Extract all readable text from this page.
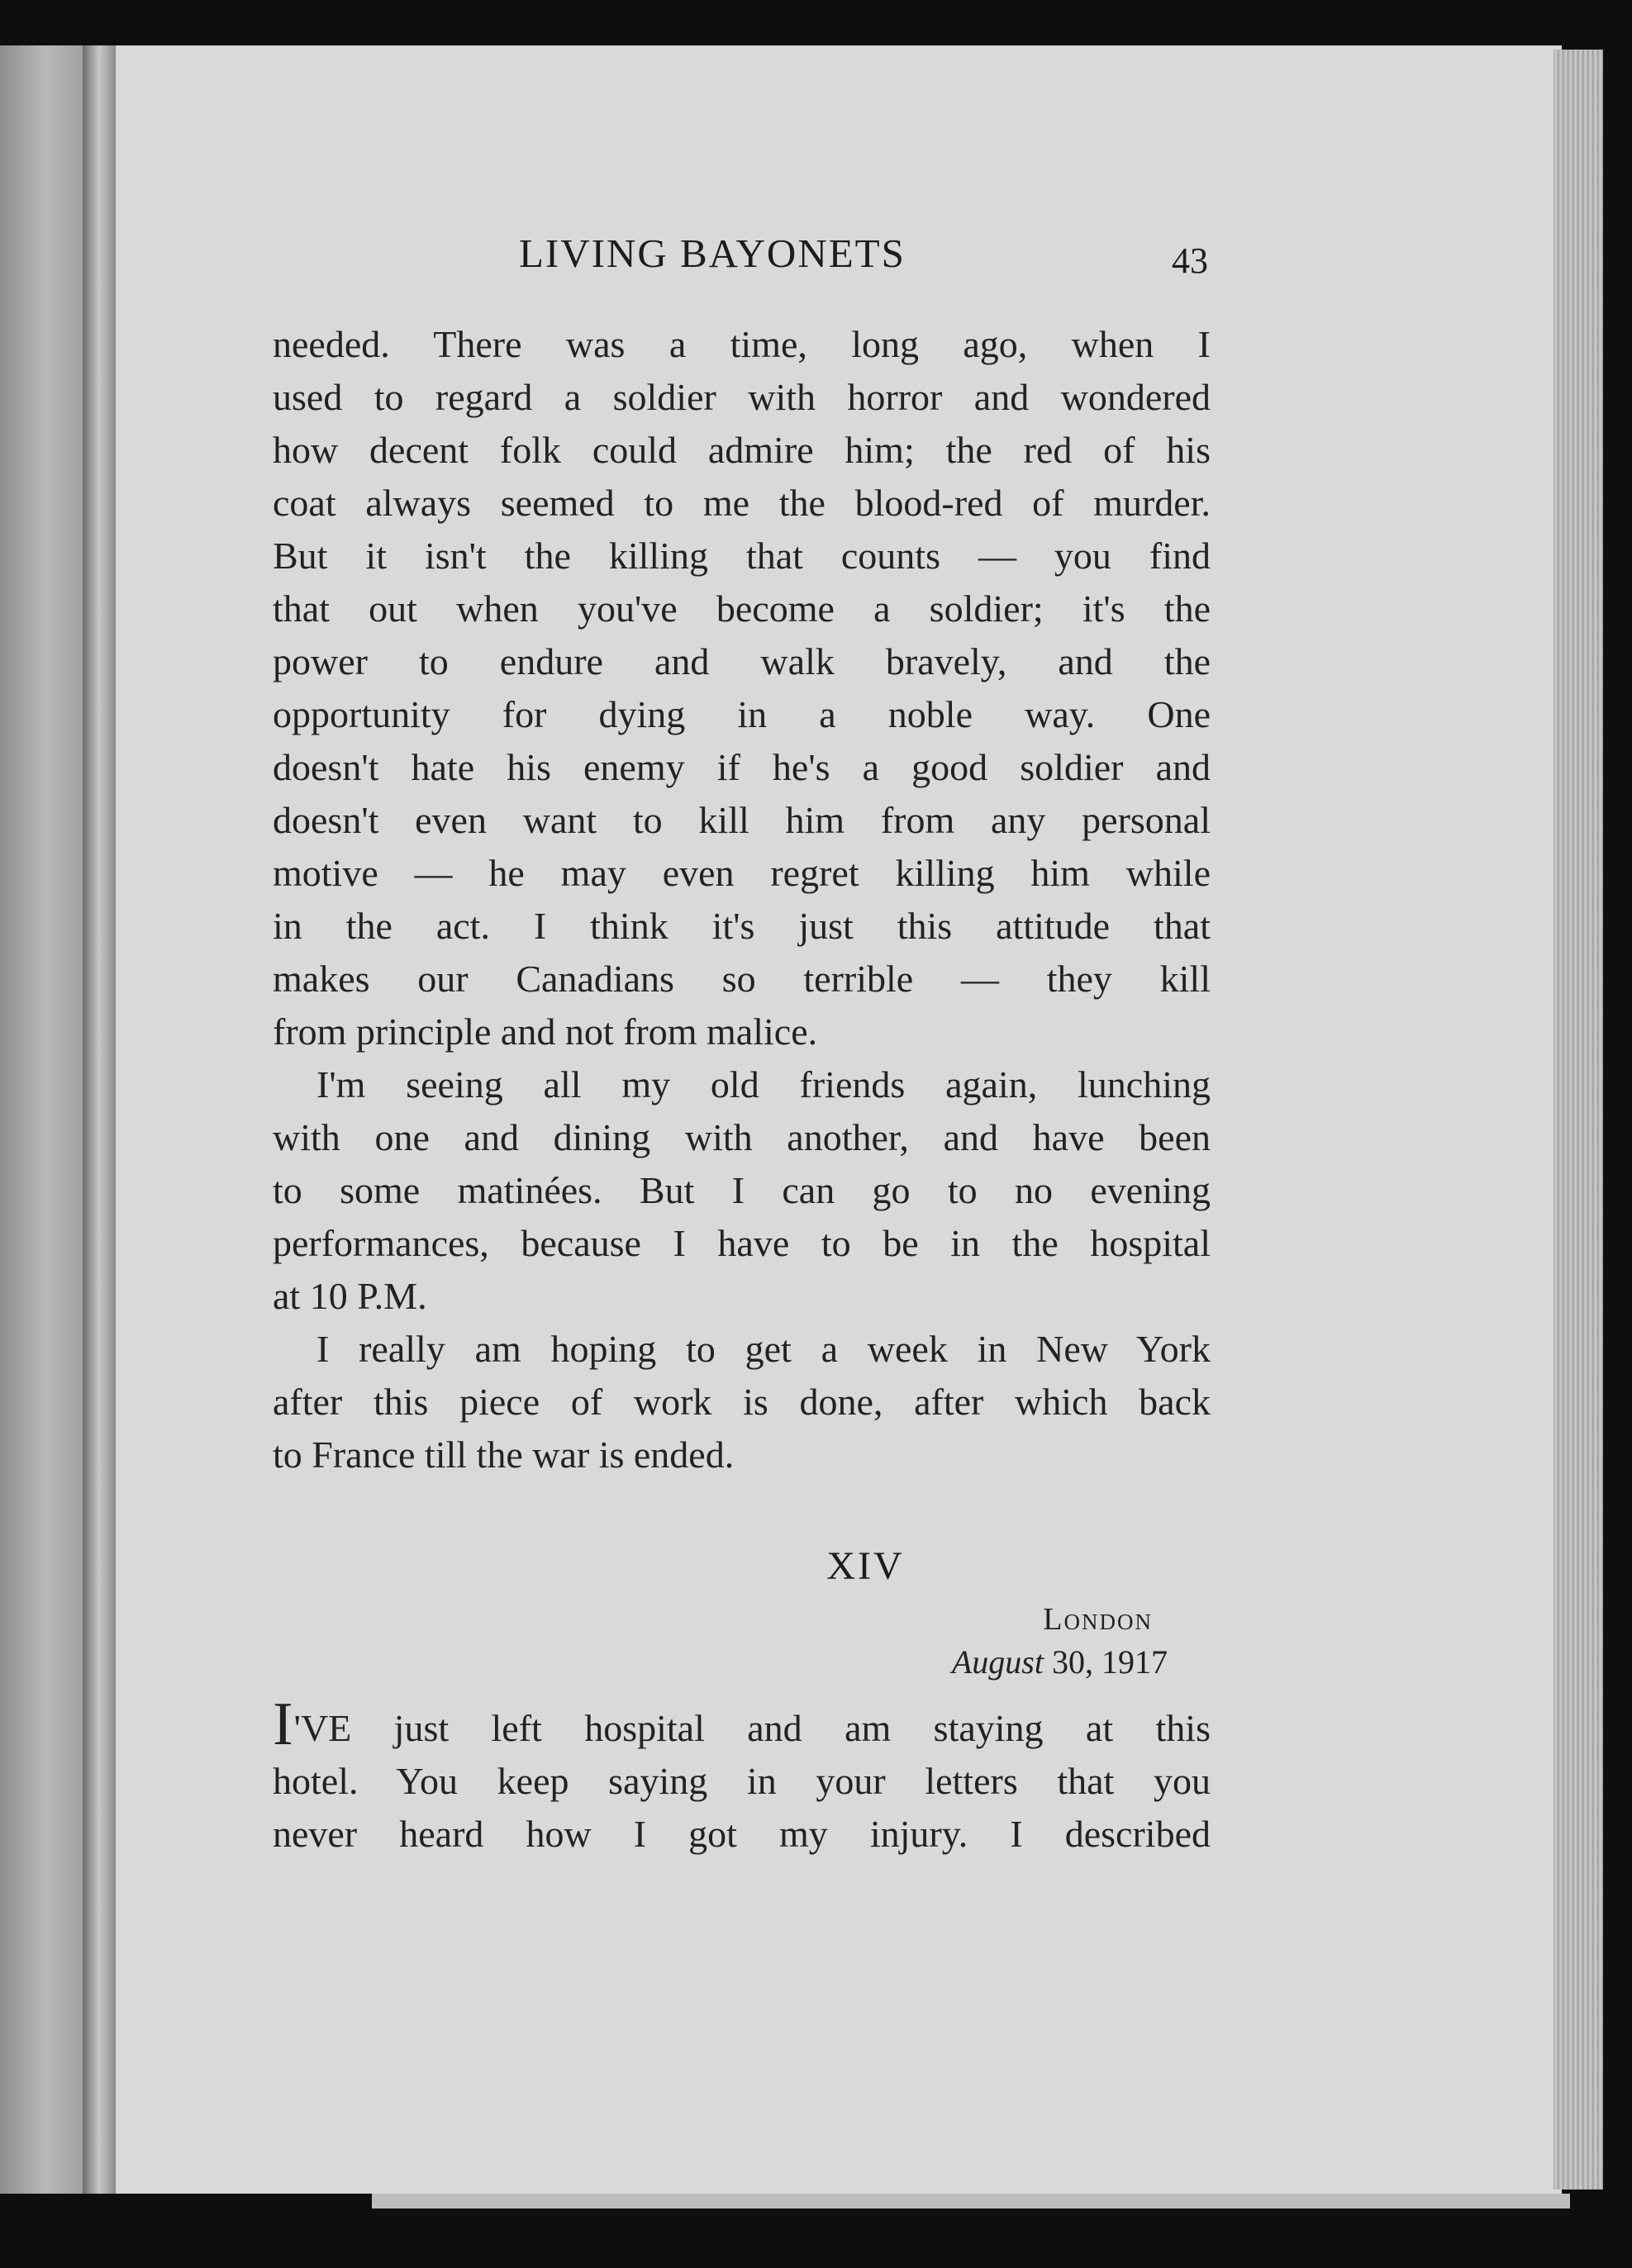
LIVING BAYONETS	43
needed. There was a time, long ago, when I
used to regard a soldier with horror and wondered
how decent folk could admire him; the red of his
coat always seemed to me the blood-red of murder.
But it isn't the killing that counts — you find
that out when you've become a soldier; it's the
power to endure and walk bravely, and the
opportunity for dying in a noble way. One
doesn't hate his enemy if he's a good soldier and
doesn't even want to kill him from any personal
motive — he may even regret killing him while
in the act. I think it's just this attitude that
makes our Canadians so terrible — they kill
from principle and not from malice.
I'm seeing all my old friends again, lunching
with one and dining with another, and have been
to some matinées. But I can go to no evening
performances, because I have to be in the hospital
at 10 P.M.
I really am hoping to get a week in New York
after this piece of work is done, after which back
to France till the war is ended.
XIV
London
August 30, 1917
I'VE just left hospital and am staying at this
hotel. You keep saying in your letters that you
never heard how I got my injury. I described
